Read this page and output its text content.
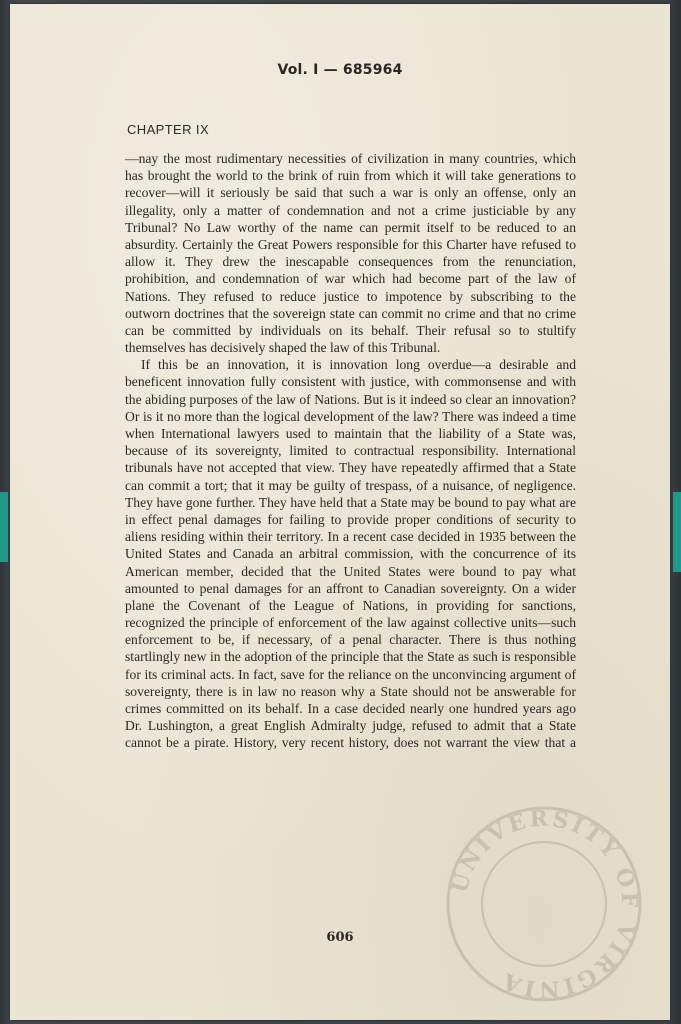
Vol. I — 685964
CHAPTER IX

—nay the most rudimentary necessities of civilization in many countries, which has brought the world to the brink of ruin from which it will take generations to recover—will it seriously be said that such a war is only an offense, only an illegality, only a matter of condemnation and not a crime justiciable by any Tribunal? No Law worthy of the name can permit itself to be reduced to an absurdity. Certainly the Great Powers responsible for this Charter have refused to allow it. They drew the inescapable consequences from the renunciation, prohibition, and condemnation of war which had become part of the law of Nations. They refused to reduce justice to impotence by subscribing to the outworn doctrines that the sovereign state can commit no crime and that no crime can be committed by individuals on its behalf. Their refusal so to stultify themselves has decisively shaped the law of this Tribunal.

If this be an innovation, it is innovation long overdue—a desirable and beneficent innovation fully consistent with justice, with commonsense and with the abiding purposes of the law of Nations. But is it indeed so clear an innovation? Or is it no more than the logical development of the law? There was indeed a time when International lawyers used to maintain that the liability of a State was, because of its sovereignty, limited to contractual responsibility. International tribunals have not accepted that view. They have repeatedly affirmed that a State can commit a tort; that it may be guilty of trespass, of a nuisance, of negligence. They have gone further. They have held that a State may be bound to pay what are in effect penal damages for failing to provide proper conditions of security to aliens residing within their territory. In a recent case decided in 1935 between the United States and Canada an arbitral commission, with the concurrence of its American member, decided that the United States were bound to pay what amounted to penal damages for an affront to Canadian sovereignty. On a wider plane the Covenant of the League of Nations, in providing for sanctions, recognized the principle of enforcement of the law against collective units—such enforcement to be, if necessary, of a penal character. There is thus nothing startlingly new in the adoption of the principle that the State as such is responsible for its criminal acts. In fact, save for the reliance on the unconvincing argument of sovereignty, there is in law no reason why a State should not be answerable for crimes committed on its behalf. In a case decided nearly one hundred years ago Dr. Lushington, a great English Admiralty judge, refused to admit that a State cannot be a pirate. History, very recent history, does not warrant the view that a

UNIVERSITY OF VIRGINIA
606
